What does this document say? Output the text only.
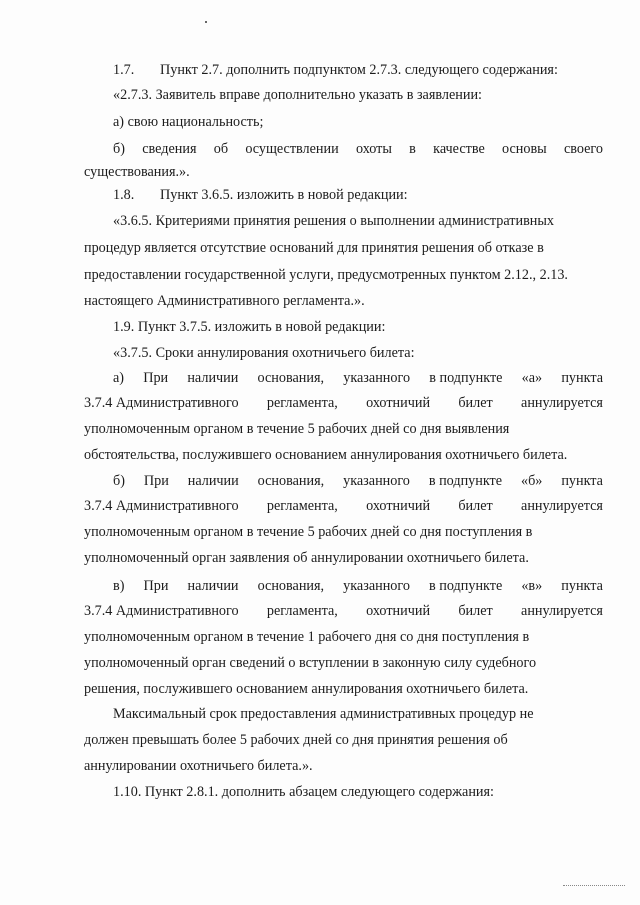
1.7. Пункт 2.7. дополнить подпунктом 2.7.3. следующего содержания:
«2.7.3. Заявитель вправе дополнительно указать в заявлении:
а) свою национальность;
б) сведения об осуществлении охоты в качестве основы своего
существования.».
1.8. Пункт 3.6.5. изложить в новой редакции:
«3.6.5. Критериями принятия решения о выполнении административных
процедур является отсутствие оснований для принятия решения об отказе в
предоставлении государственной услуги, предусмотренных пунктом 2.12., 2.13.
настоящего Административного регламента.».
1.9. Пункт 3.7.5. изложить в новой редакции:
«3.7.5. Сроки аннулирования охотничьего билета:
а) При наличии основания, указанного в подпункте «а» пункта
3.7.4 Административного регламента, охотничий билет аннулируется
уполномоченным органом в течение 5 рабочих дней со дня выявления
обстоятельства, послужившего основанием аннулирования охотничьего билета.
б) При наличии основания, указанного в подпункте «б» пункта
3.7.4 Административного регламента, охотничий билет аннулируется
уполномоченным органом в течение 5 рабочих дней со дня поступления в
уполномоченный орган заявления об аннулировании охотничьего билета.
в) При наличии основания, указанного в подпункте «в» пункта
3.7.4 Административного регламента, охотничий билет аннулируется
уполномоченным органом в течение 1 рабочего дня со дня поступления в
уполномоченный орган сведений о вступлении в законную силу судебного
решения, послужившего основанием аннулирования охотничьего билета.
Максимальный срок предоставления административных процедур не
должен превышать более 5 рабочих дней со дня принятия решения об
аннулировании охотничьего билета.».
1.10. Пункт 2.8.1. дополнить абзацем следующего содержания:
